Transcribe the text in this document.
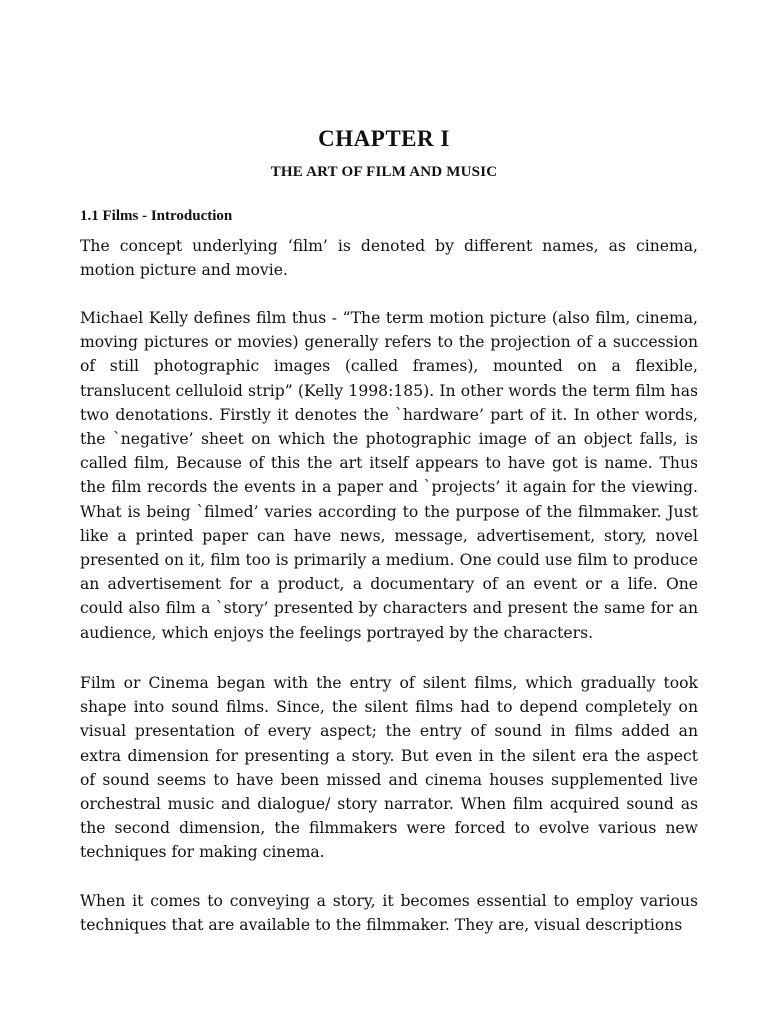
CHAPTER I
THE ART OF FILM AND MUSIC
1.1 Films - Introduction

The concept underlying ‘film’ is denoted by different names, as cinema, motion picture and movie.

Michael Kelly defines film thus - “The term motion picture (also film, cinema, moving pictures or movies) generally refers to the projection of a succession of still photographic images (called frames), mounted on a flexible, translucent celluloid strip” (Kelly 1998:185). In other words the term film has two denotations. Firstly it denotes the `hardware’ part of it. In other words, the `negative’ sheet on which the photographic image of an object falls, is called film, Because of this the art itself appears to have got is name. Thus the film records the events in a paper and `projects’ it again for the viewing. What is being `filmed’ varies according to the purpose of the filmmaker. Just like a printed paper can have news, message, advertisement, story, novel presented on it, film too is primarily a medium. One could use film to produce an advertisement for a product, a documentary of an event or a life. One could also film a `story’ presented by characters and present the same for an audience, which enjoys the feelings portrayed by the characters.

Film or Cinema began with the entry of silent films, which gradually took shape into sound films. Since, the silent films had to depend completely on visual presentation of every aspect; the entry of sound in films added an extra dimension for presenting a story. But even in the silent era the aspect of sound seems to have been missed and cinema houses supplemented live orchestral music and dialogue/ story narrator. When film acquired sound as the second dimension, the filmmakers were forced to evolve various new techniques for making cinema.

When it comes to conveying a story, it becomes essential to employ various techniques that are available to the filmmaker. They are, visual descriptions
